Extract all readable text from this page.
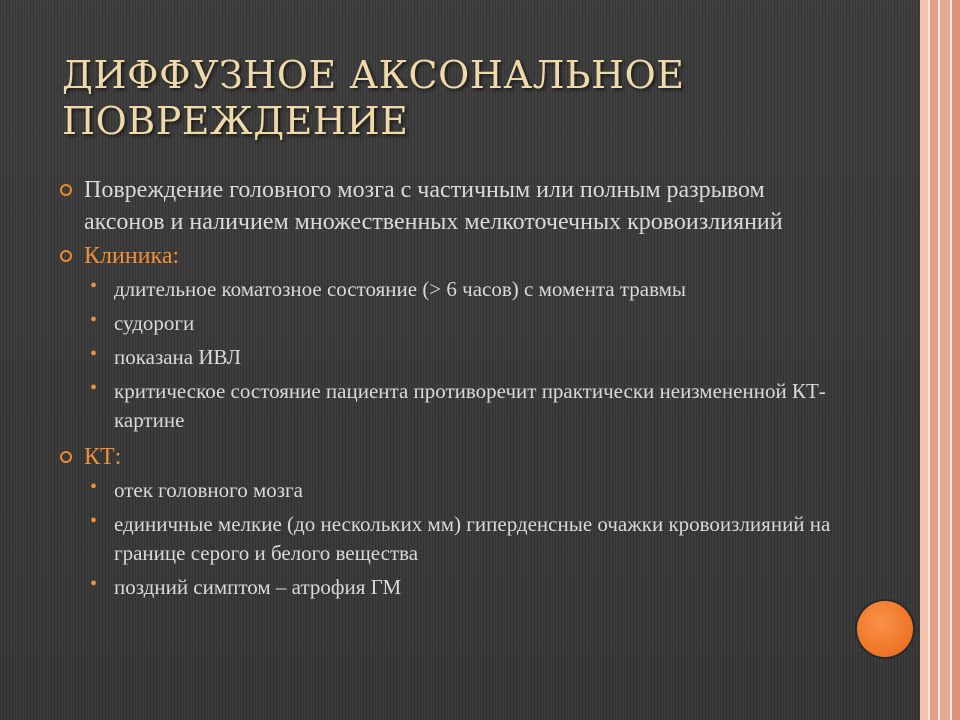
ДИФФУЗНОЕ АКСОНАЛЬНОЕ ПОВРЕЖДЕНИЕ
Повреждение головного мозга с частичным или полным разрывом аксонов и наличием множественных мелкоточечных кровоизлияний
Клиника:
• длительное коматозное состояние (> 6 часов) с момента травмы
• судороги
• показана ИВЛ
• критическое состояние пациента противоречит практически неизмененной КТ-картине
КТ:
• отек головного мозга
• единичные мелкие (до нескольких мм) гиперденсные очажки кровоизлияний на границе серого и белого вещества
• поздний симптом – атрофия ГМ
